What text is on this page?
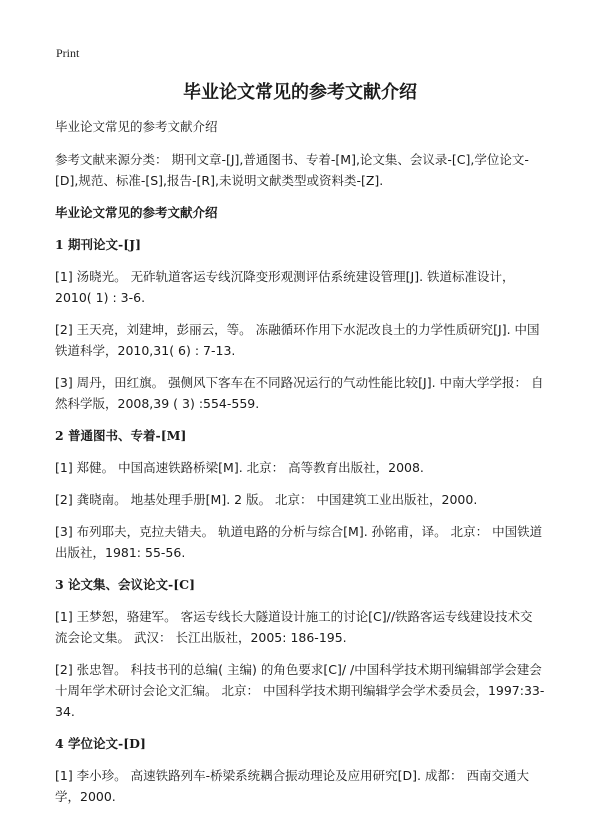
Print
毕业论文常见的参考文献介绍

毕业论文常见的参考文献介绍

参考文献来源分类： 期刊文章-[J],普通图书、专着-[M],论文集、会议录-[C],学位论文-[D],规范、标准-[S],报告-[R],未说明文献类型或资料类-[Z].

毕业论文常见的参考文献介绍
1 期刊论文-[J]

[1] 汤晓光。 无砟轨道客运专线沉降变形观测评估系统建设管理[J]. 铁道标准设计，2010( 1) : 3-6.

[2] 王天亮，刘建坤，彭丽云，等。 冻融循环作用下水泥改良土的力学性质研究[J]. 中国铁道科学，2010,31( 6) : 7-13.

[3] 周丹，田红旗。 强侧风下客车在不同路况运行的气动性能比较[J]. 中南大学学报： 自然科学版，2008,39 ( 3) :554-559.

2 普通图书、专着-[M]

[1] 郑健。 中国高速铁路桥梁[M]. 北京： 高等教育出版社，2008.

[2] 龚晓南。 地基处理手册[M]. 2 版。 北京： 中国建筑工业出版社，2000.

[3] 布列耶夫，克拉夫错夫。 轨道电路的分析与综合[M]. 孙铭甫，译。 北京： 中国铁道出版社，1981: 55-56.

3 论文集、会议论文-[C]

[1] 王梦恕，骆建军。 客运专线长大隧道设计施工的讨论[C]//铁路客运专线建设技术交流会论文集。 武汉： 长江出版社，2005: 186-195.

[2] 张忠智。 科技书刊的总编( 主编) 的角色要求[C]/ /中国科学技术期刊编辑部学会建会十周年学术研讨会论文汇编。 北京： 中国科学技术期刊编辑学会学术委员会，1997:33-34.

4 学位论文-[D]

[1] 李小珍。 高速铁路列车-桥梁系统耦合振动理论及应用研究[D]. 成都： 西南交通大学，2000.
